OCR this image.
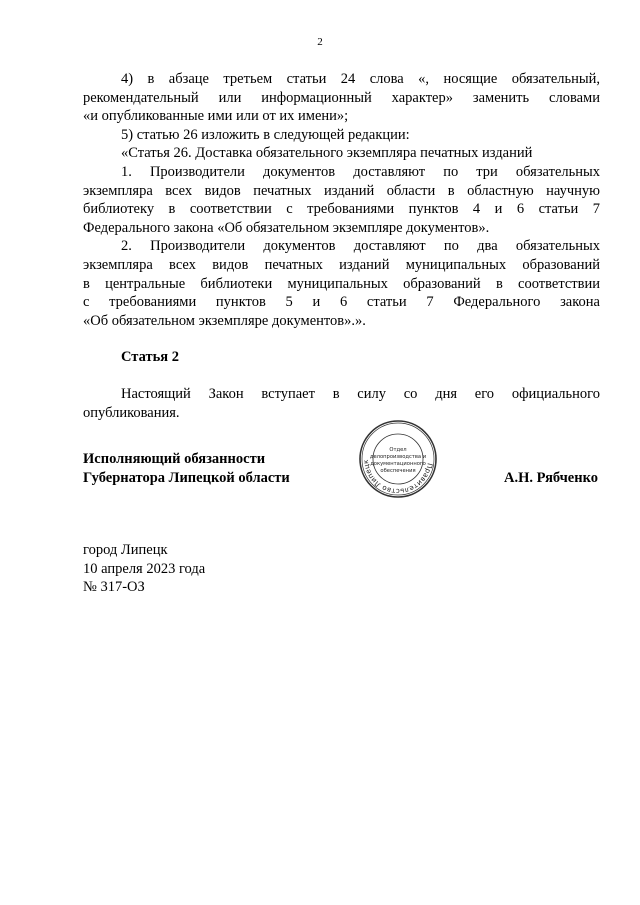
2
4) в абзаце третьем статьи 24 слова «, носящие обязательный,
рекомендательный или информационный характер» заменить словами
«и опубликованные ими или от их имени»;
5) статью 26 изложить в следующей редакции:
«Статья 26. Доставка обязательного экземпляра печатных изданий
1. Производители документов доставляют по три обязательных
экземпляра всех видов печатных изданий области в областную научную
библиотеку в соответствии с требованиями пунктов 4 и 6 статьи 7
Федерального закона «Об обязательном экземпляре документов».
2. Производители документов доставляют по два обязательных
экземпляра всех видов печатных изданий муниципальных образований
в центральные библиотеки муниципальных образований в соответствии
с требованиями пунктов 5 и 6 статьи 7 Федерального закона
«Об обязательном экземпляре документов».».
Статья 2
Настоящий Закон вступает в силу со дня его официального
опубликования.
Исполняющий обязанности
Губернатора Липецкой области	А.Н. Рябченко
Правительство Липецк
Отдел
делопроизводства и
документационного
обеспечения
город Липецк
10 апреля 2023 года
№ 317-ОЗ
